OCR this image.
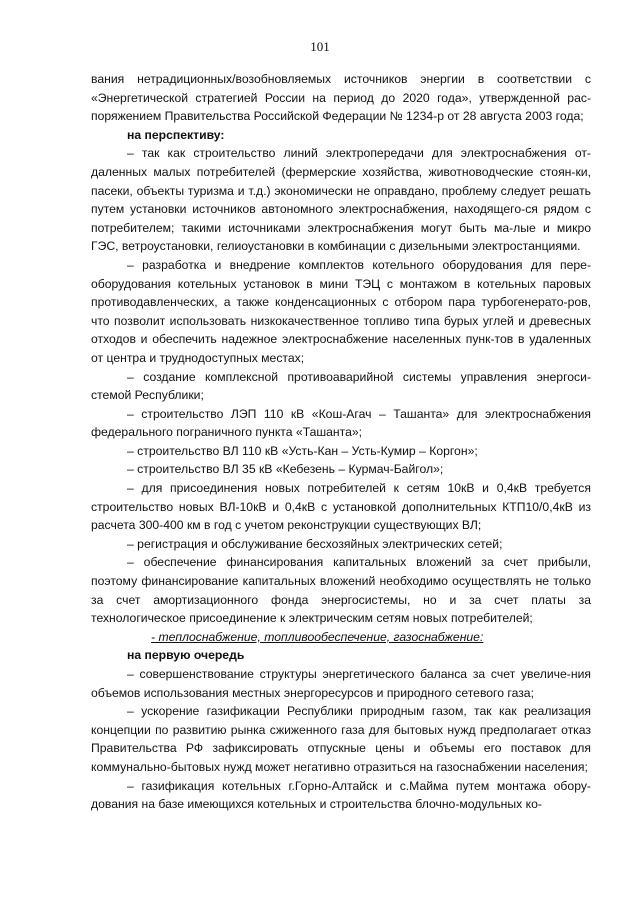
101

вания нетрадиционных/возобновляемых источников энергии в соответствии с «Энергетической стратегией России на период до 2020 года», утвержденной рас-поряжением Правительства Российской Федерации № 1234-р от 28 августа 2003 года;

на перспективу:

– так как строительство линий электропередачи для электроснабжения от-даленных малых потребителей (фермерские хозяйства, животноводческие стоян-ки, пасеки, объекты туризма и т.д.) экономически не оправдано, проблему следует решать путем установки источников автономного электроснабжения, находящего-ся рядом с потребителем; такими источниками электроснабжения могут быть ма-лые и микро ГЭС, ветроустановки, гелиоустановки в комбинации с дизельными электростанциями.

– разработка и внедрение комплектов котельного оборудования для пере-оборудования котельных установок в мини ТЭЦ с монтажом в котельных паровых противодавленческих, а также конденсационных с отбором пара турбогенерато-ров, что позволит использовать низкокачественное топливо типа бурых углей и древесных отходов и обеспечить надежное электроснабжение населенных пунк-тов в удаленных от центра и труднодоступных местах;

– создание комплексной противоаварийной системы управления энергоси-стемой Республики;

– строительство ЛЭП 110 кВ «Кош-Агач – Ташанта» для электроснабжения федерального пограничного пункта «Ташанта»;

– строительство ВЛ 110 кВ «Усть-Кан – Усть-Кумир – Коргон»;

– строительство ВЛ 35 кВ «Кебезень – Курмач-Байгол»;

– для присоединения новых потребителей к сетям 10кВ и 0,4кВ требуется строительство новых ВЛ-10кВ и 0,4кВ с установкой дополнительных КТП10/0,4кВ из расчета 300-400 км в год с учетом реконструкции существующих ВЛ;

– регистрация и обслуживание бесхозяйных электрических сетей;

– обеспечение финансирования капитальных вложений за счет прибыли, поэтому финансирование капитальных вложений необходимо осуществлять не только за счет амортизационного фонда энергосистемы, но и за счет платы за технологическое присоединение к электрическим сетям новых потребителей;

- теплоснабжение, топливообеспечение, газоснабжение:

на первую очередь

– совершенствование структуры энергетического баланса за счет увеличе-ния объемов использования местных энергоресурсов и природного сетевого газа;

– ускорение газификации Республики природным газом, так как реализация концепции по развитию рынка сжиженного газа для бытовых нужд предполагает отказ Правительства РФ зафиксировать отпускные цены и объемы его поставок для коммунально-бытовых нужд может негативно отразиться на газоснабжении населения;

– газификация котельных г.Горно-Алтайск и с.Майма путем монтажа обору-дования на базе имеющихся котельных и строительства блочно-модульных ко-
